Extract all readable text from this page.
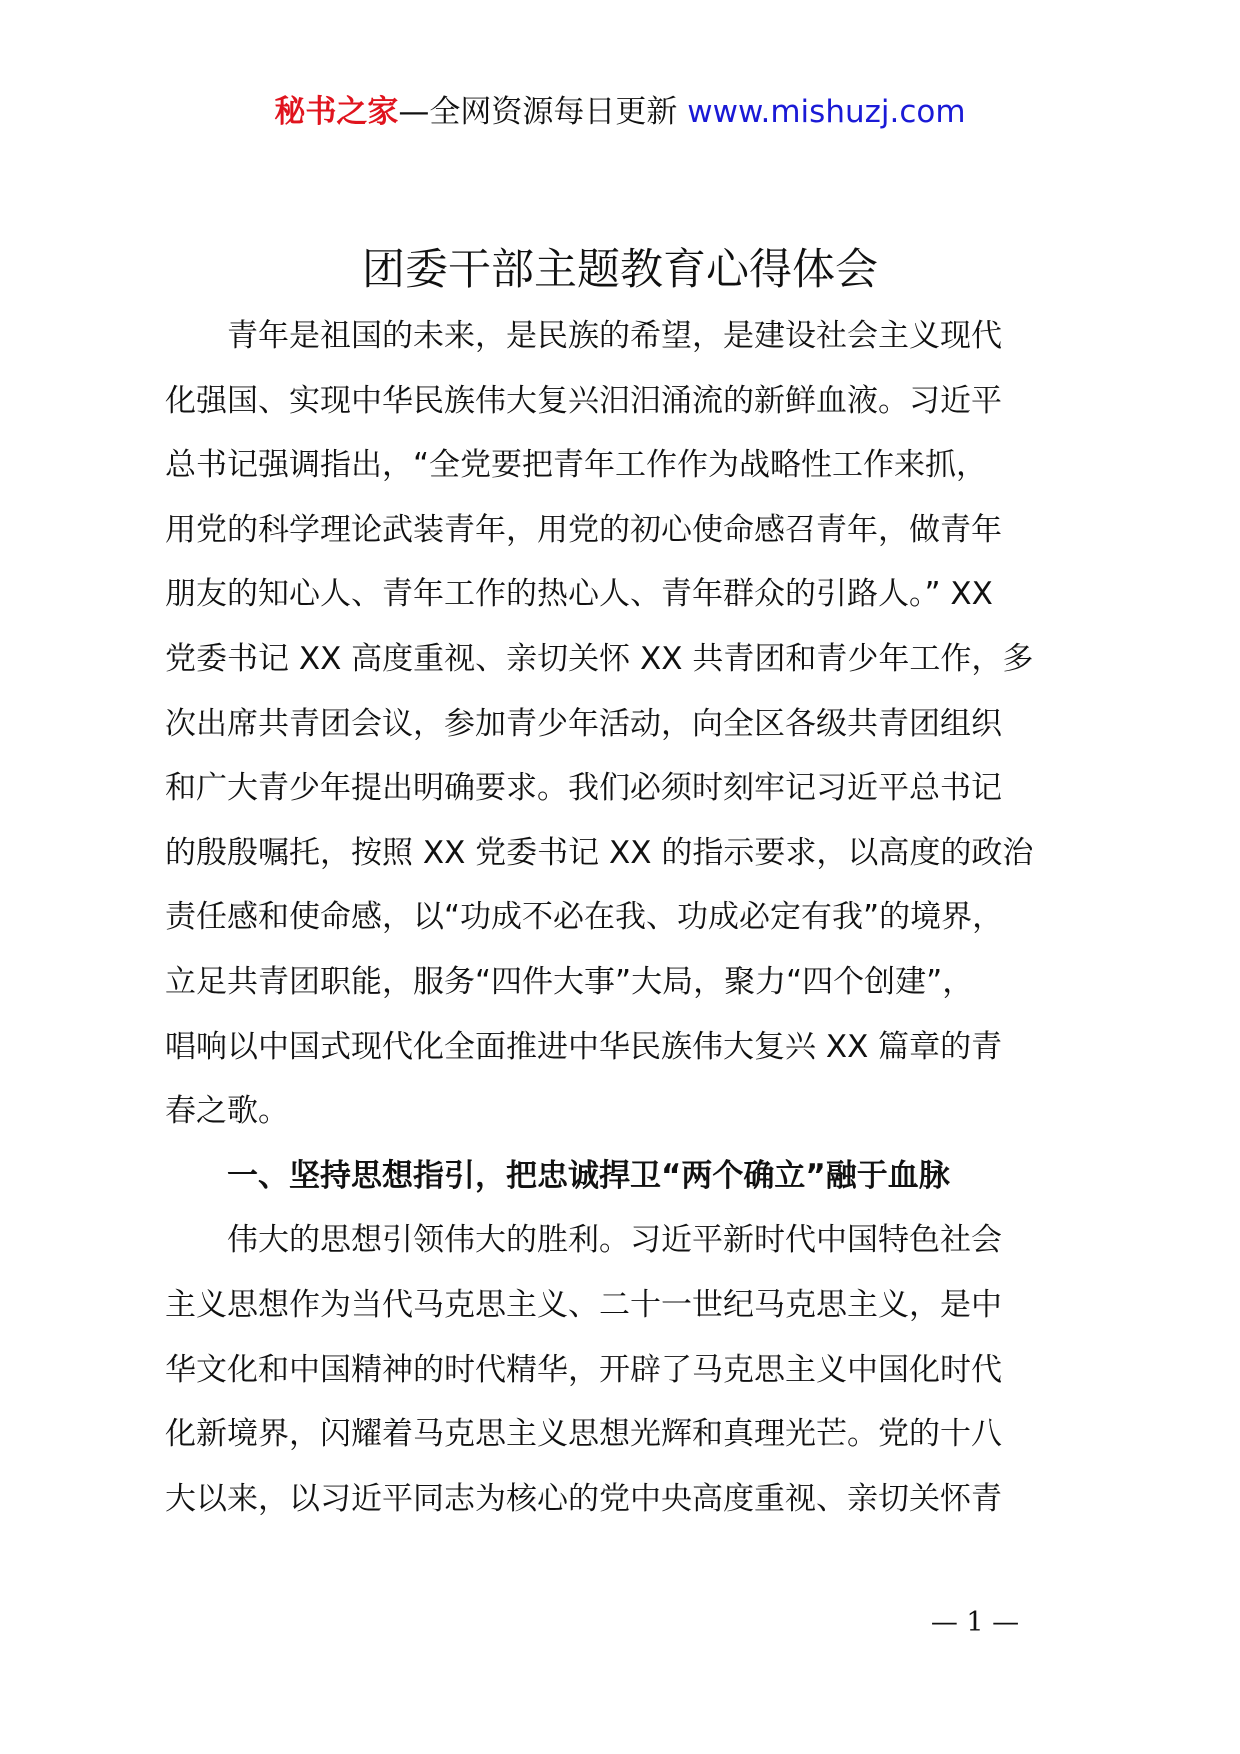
秘书之家—全网资源每日更新 www.mishuzj.com
团委干部主题教育心得体会
　　青年是祖国的未来，是民族的希望，是建设社会主义现代
化强国、实现中华民族伟大复兴汨汨涌流的新鲜血液。习近平
总书记强调指出，“全党要把青年工作作为战略性工作来抓，
用党的科学理论武装青年，用党的初心使命感召青年，做青年
朋友的知心人、青年工作的热心人、青年群众的引路人。” XX
党委书记 XX 高度重视、亲切关怀 XX 共青团和青少年工作，多
次出席共青团会议，参加青少年活动，向全区各级共青团组织
和广大青少年提出明确要求。我们必须时刻牢记习近平总书记
的殷殷嘱托，按照 XX 党委书记 XX 的指示要求，以高度的政治
责任感和使命感，以“功成不必在我、功成必定有我”的境界，
立足共青团职能，服务“四件大事”大局，聚力“四个创建”，
唱响以中国式现代化全面推进中华民族伟大复兴 XX 篇章的青
春之歌。
　　一、坚持思想指引，把忠诚捍卫“两个确立”融于血脉
　　伟大的思想引领伟大的胜利。习近平新时代中国特色社会
主义思想作为当代马克思主义、二十一世纪马克思主义，是中
华文化和中国精神的时代精华，开辟了马克思主义中国化时代
化新境界，闪耀着马克思主义思想光辉和真理光芒。党的十八
大以来，以习近平同志为核心的党中央高度重视、亲切关怀青
— 1 —
